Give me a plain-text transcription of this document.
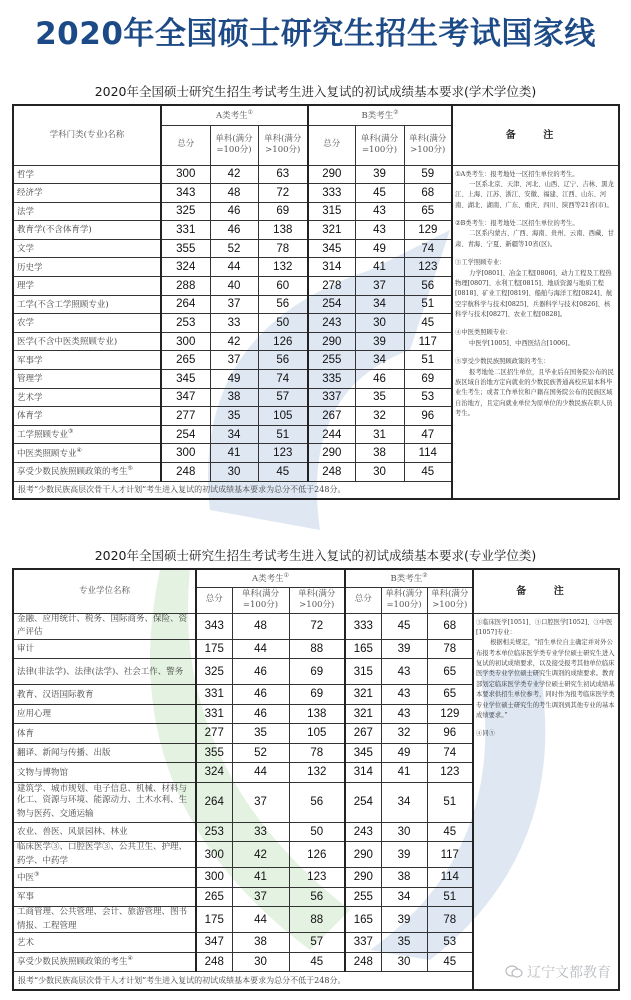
2020年全国硕士研究生招生考试国家线
2020年全国硕士研究生招生考试考生进入复试的初试成绩基本要求(学术学位类)
学科门类(专业)名称	A类考生①			B类考生②			备 注
	总分	单科(满分=100分)	单科(满分>100分)	总分	单科(满分=100分)	单科(满分>100分)	
哲学	300	42	63	290	39	59	①A类考生：报考地处一区招生单位的考生。

一区系北京、天津、河北、山西、辽宁、吉林、黑龙江、上海、江苏、浙江、安徽、福建、江西、山东、河南、湖北、湖南、广东、重庆、四川、陕西等21省(市)。

②B类考生：报考地处二区招生单位的考生。

二区系内蒙古、广西、海南、贵州、云南、西藏、甘肃、青海、宁夏、新疆等10省(区)。

③工学照顾专业：

力学[0801]、冶金工程[0806]、动力工程及工程热物理[0807]、水利工程[0815]、地质资源与地质工程[0818]、矿业工程[0819]、船舶与海洋工程[0824]、航空宇航科学与技术[0825]、兵器科学与技术[0826]、核科学与技术[0827]、农业工程[0828]。

④中医类照顾专业：

中医学[1005]、中西医结合[1006]。

⑤享受少数民族照顾政策的考生：

报考地处二区招生单位，且毕业后在国务院公布的民族区域自治地方定向就业的少数民族普通高校应届本科毕业生考生；或者工作单位和户籍在国务院公布的民族区域自治地方，且定向就业单位为原单位的少数民族在职人员考生。

经济学	343	48	72	333	45	68	
法学	325	46	69	315	43	65	
教育学(不含体育学)	331	46	138	321	43	129	
文学	355	52	78	345	49	74	
历史学	324	44	132	314	41	123	
理学	288	40	60	278	37	56	
工学(不含工学照顾专业)	264	37	56	254	34	51	
农学	253	33	50	243	30	45	
医学(不含中医类照顾专业)	300	42	126	290	39	117	
军事学	265	37	56	255	34	51	
管理学	345	49	74	335	46	69	
艺术学	347	38	57	337	35	53	
体育学	277	35	105	267	32	96	
工学照顾专业③	254	34	51	244	31	47	
中医类照顾专业④	300	41	123	290	38	114	
享受少数民族照顾政策的考生⑤	248	30	45	248	30	45	
报考“少数民族高层次骨干人才计划”考生进入复试的初试成绩基本要求为总分不低于248分。							
2020年全国硕士研究生招生考试考生进入复试的初试成绩基本要求(专业学位类)
专业学位名称	A类考生①			B类考生②			备 注
	总分	单科(满分=100分)	单科(满分>100分)	总分	单科(满分=100分)	单科(满分>100分)	
金融、应用统计、税务、国际商务、保险、资产评估	343	48	72	333	45	68	③临床医学[1051]、③口腔医学[1052]、③中医[1057]专业：

根据相关规定，“招生单位自主确定并对外公布报考本单位临床医学类专业学位硕士研究生进入复试的初试成绩要求，以及接受报考其他单位临床医学类专业学位硕士研究生调剂的成绩要求。教育部划定临床医学类专业学位硕士研究生初试成绩基本要求供招生单位参考，同时作为报考临床医学类专业学位硕士研究生的考生调剂到其他专业的基本成绩要求。”

④同⑤

审计	175	44	88	165	39	78	
法律(非法学)、法律(法学)、社会工作、警务	325	46	69	315	43	65	
教育、汉语国际教育	331	46	69	321	43	65	
应用心理	331	46	138	321	43	129	
体育	277	35	105	267	32	96	
翻译、新闻与传播、出版	355	52	78	345	49	74	
文物与博物馆	324	44	132	314	41	123	
建筑学、城市规划、电子信息、机械、材料与化工、资源与环境、能源动力、土木水利、生物与医药、交通运输	264	37	56	254	34	51	
农业、兽医、风景园林、林业	253	33	50	243	30	45	
临床医学③、口腔医学③、公共卫生、护理、药学、中药学	300	42	126	290	39	117	
中医③	300	41	123	290	38	114	
军事	265	37	56	255	34	51	
工商管理、公共管理、会计、旅游管理、图书情报、工程管理	175	44	88	165	39	78	
艺术	347	38	57	337	35	53	
享受少数民族照顾政策的考生④	248	30	45	248	30	45	
报考“少数民族高层次骨干人才计划”考生进入复试的初试成绩基本要求为总分不低于248分。								辽宁文都教育
